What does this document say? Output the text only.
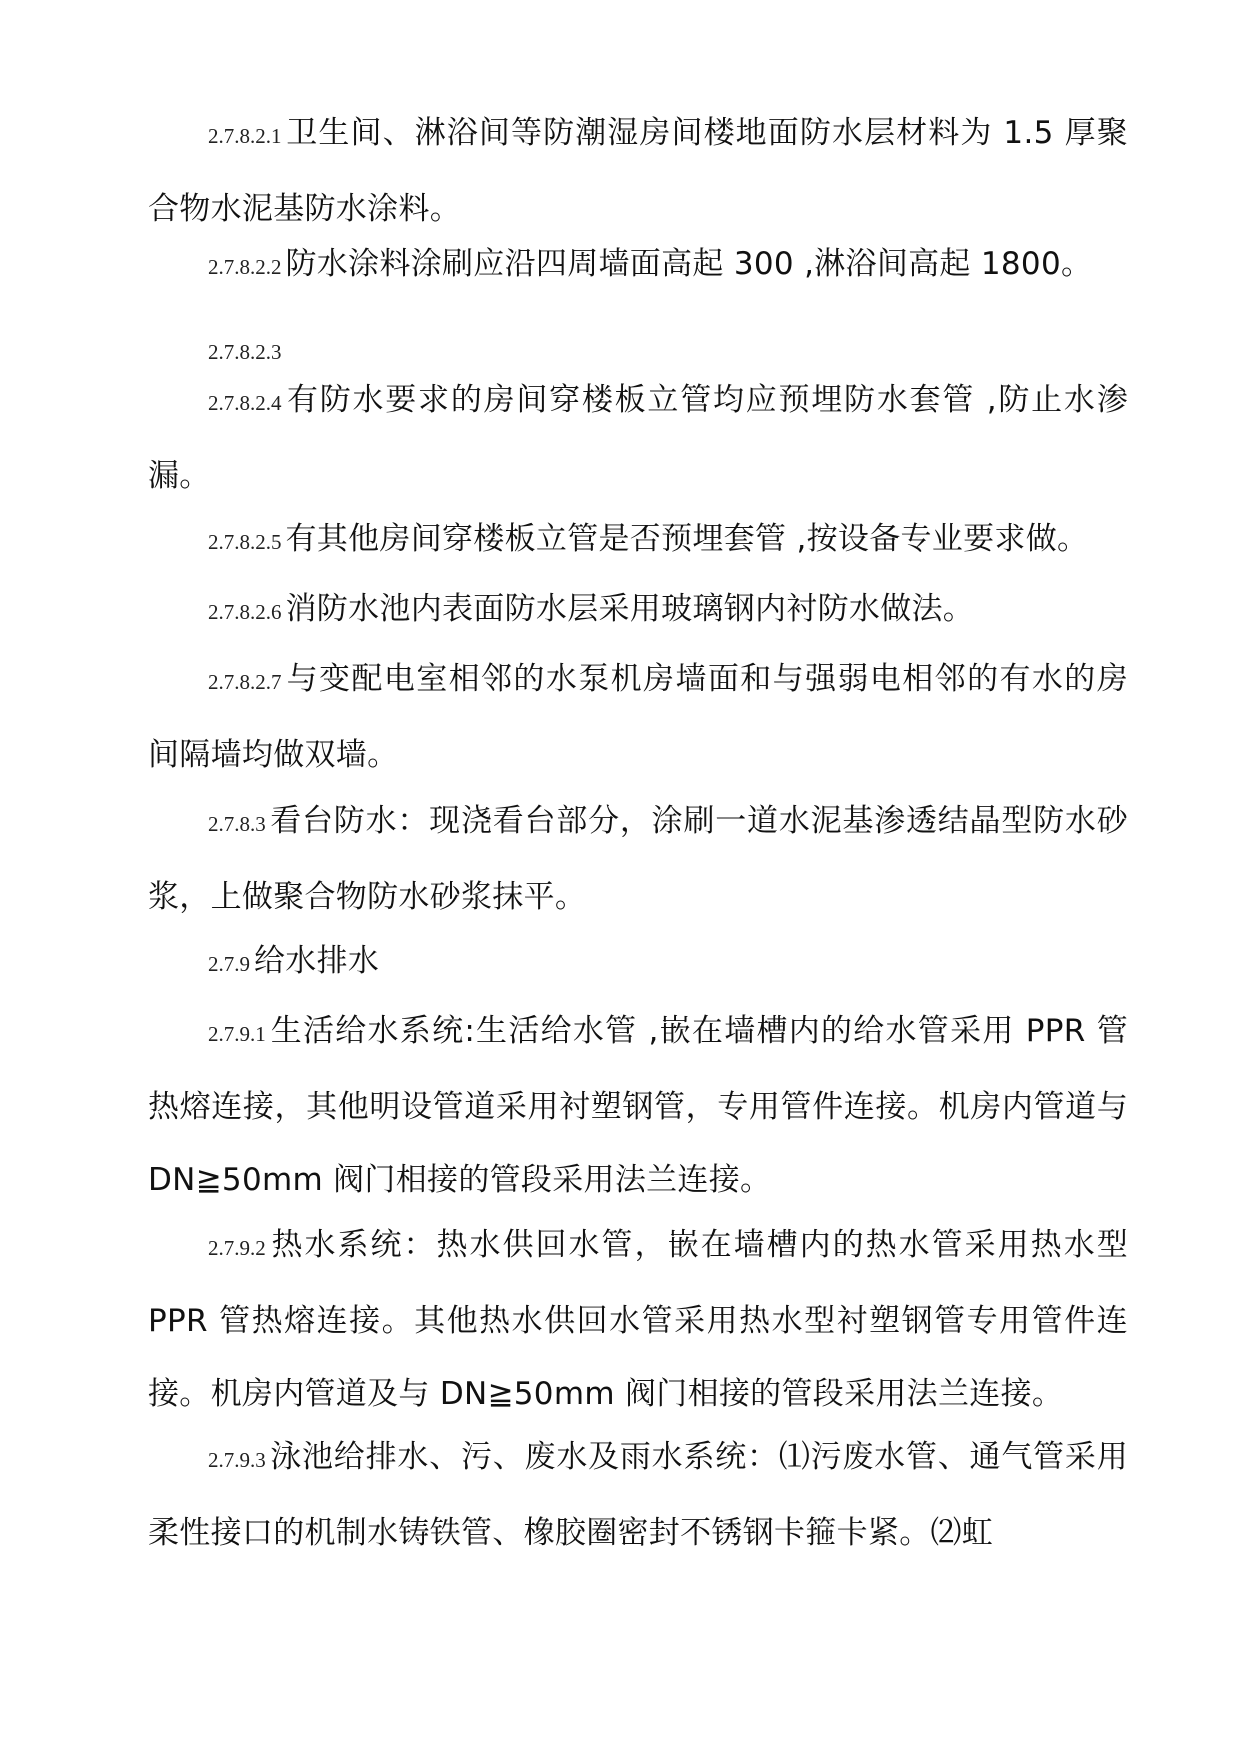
2.7.8.2.1 卫生间、淋浴间等防潮湿房间楼地面防水层材料为 1.5 厚聚合物水泥基防水涂料。

2.7.8.2.2 防水涂料涂刷应沿四周墙面高起 300 ,淋浴间高起 1800。

2.7.8.2.3

2.7.8.2.4 有防水要求的房间穿楼板立管均应预埋防水套管 ,防止水渗漏。

2.7.8.2.5 有其他房间穿楼板立管是否预埋套管 ,按设备专业要求做。

2.7.8.2.6 消防水池内表面防水层采用玻璃钢内衬防水做法。

2.7.8.2.7 与变配电室相邻的水泵机房墙面和与强弱电相邻的有水的房间隔墙均做双墙。

2.7.8.3 看台防水：现浇看台部分，涂刷一道水泥基渗透结晶型防水砂浆，上做聚合物防水砂浆抹平。

2.7.9 给水排水

2.7.9.1 生活给水系统:生活给水管 ,嵌在墙槽内的给水管采用 PPR 管热熔连接，其他明设管道采用衬塑钢管，专用管件连接。机房内管道与 DN≧50mm 阀门相接的管段采用法兰连接。

2.7.9.2 热水系统：热水供回水管，嵌在墙槽内的热水管采用热水型 PPR 管热熔连接。其他热水供回水管采用热水型衬塑钢管专用管件连接。机房内管道及与 DN≧50mm 阀门相接的管段采用法兰连接。

2.7.9.3 泳池给排水、污、废水及雨水系统：⑴污废水管、通气管采用柔性接口的机制水铸铁管、橡胶圈密封不锈钢卡箍卡紧。⑵虹
